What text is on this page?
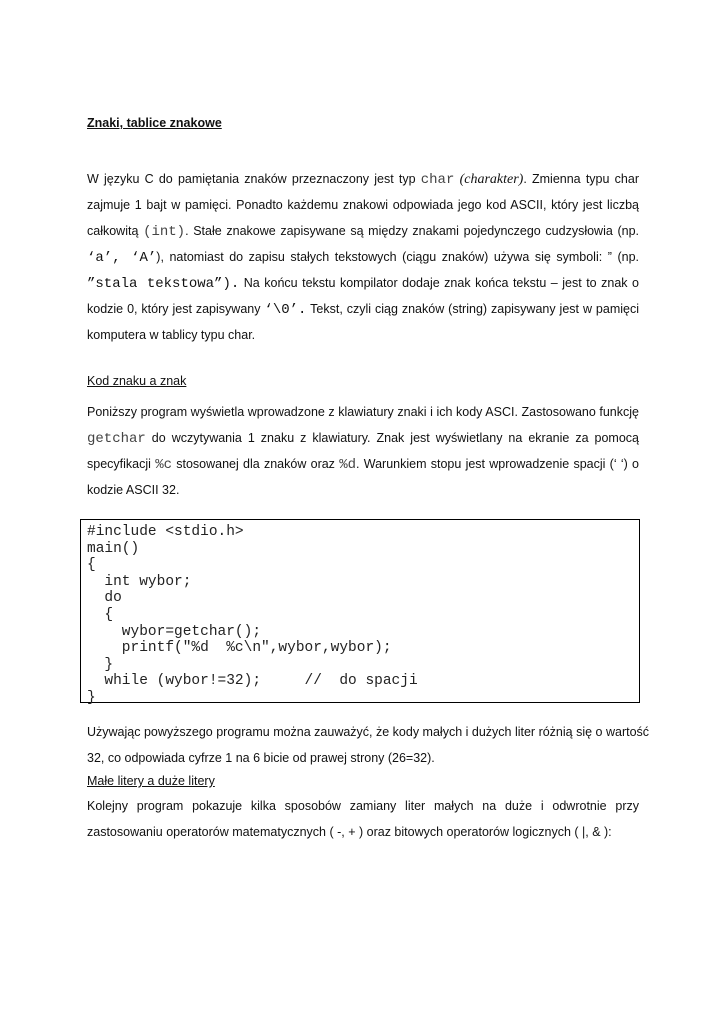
Znaki, tablice znakowe
W języku C do pamiętania znaków przeznaczony jest typ char (charakter). Zmienna typu char
zajmuje 1 bajt w pamięci. Ponadto każdemu znakowi odpowiada jego kod ASCII, który jest liczbą
całkowitą (int). Stałe znakowe zapisywane są między znakami pojedynczego cudzysłowia (np.
‘a’, ‘A’), natomiast do zapisu stałych tekstowych (ciągu znaków) używa się symboli: ” (np.
”stala tekstowa”). Na końcu tekstu kompilator dodaje znak końca tekstu – jest to znak o
kodzie 0, który jest zapisywany ‘\0’. Tekst, czyli ciąg znaków (string) zapisywany jest w pamięci
komputera w tablicy typu char.
Kod znaku a znak
Poniższy program wyświetla wprowadzone z klawiatury znaki i ich kody ASCI. Zastosowano funkcję
getchar do wczytywania 1 znaku z klawiatury. Znak jest wyświetlany na ekranie za pomocą
specyfikacji %c stosowanej dla znaków oraz %d. Warunkiem stopu jest wprowadzenie spacji (‘ ‘) o
kodzie ASCII 32.
#include <stdio.h>
main()
{
int wybor;
do
{
wybor=getchar();
printf("%d  %c\n",wybor,wybor);
}
while (wybor!=32);     //  do spacji
}
Używając powyższego programu można zauważyć, że kody małych i dużych liter różnią się o wartość
32, co odpowiada cyfrze 1 na 6 bicie od prawej strony (26=32).
Małe litery a duże litery
Kolejny program pokazuje kilka sposobów zamiany liter małych na duże i odwrotnie przy
zastosowaniu operatorów matematycznych ( -, + ) oraz bitowych operatorów logicznych ( |, & ):
